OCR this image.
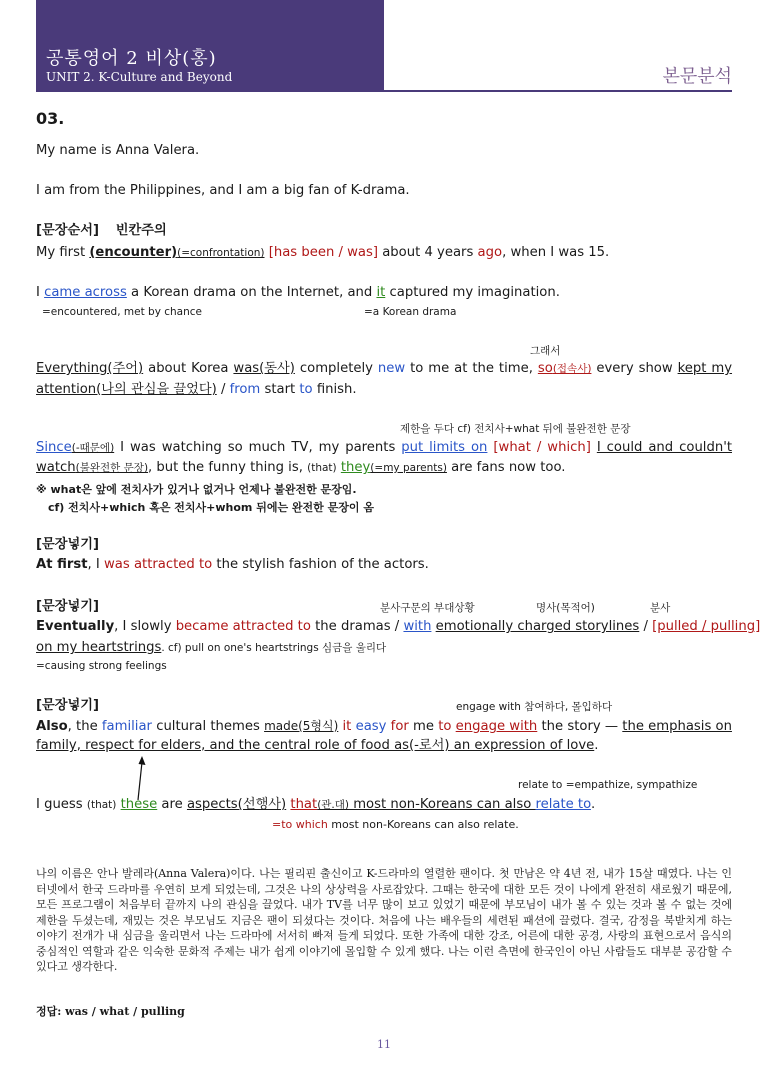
공통영어 2 비상(홍)
UNIT 2. K-Culture and Beyond	본문분석
03.
My name is Anna Valera.
I am from the Philippines, and I am a big fan of K-drama.
[문장순서] 빈칸주의
My first (encounter)(=confrontation) [has been / was] about 4 years ago, when I was 15.
I came across a Korean drama on the Internet, and it captured my imagination.
=encountered, met by chance	=a Korean drama
그래서
Everything(주어) about Korea was(동사) completely new to me at the time, so(접속사) every show kept my
attention(나의 관심을 끌었다) / from start to finish.
제한을 두다 cf) 전치사+what 뒤에 불완전한 문장
Since(-때문에) I was watching so much TV, my parents put limits on [what / which] I could and couldn't
watch(불완전한 문장), but the funny thing is, (that) they(=my parents) are fans now too.
※ what은 앞에 전치사가 있거나 없거나 언제나 불완전한 문장임.
cf) 전치사+which 혹은 전치사+whom 뒤에는 완전한 문장이 옴
[문장넣기]
At first, I was attracted to the stylish fashion of the actors.
[문장넣기]	분사구문의 부대상황	명사(목적어)	분사
Eventually, I slowly became attracted to the dramas / with emotionally charged storylines / [pulled / pulling]
on my heartstrings. cf) pull on one's heartstrings 심금을 울리다
=causing strong feelings
[문장넣기]	engage with 참여하다, 몰입하다
Also, the familiar cultural themes made(5형식) it easy for me to engage with the story — the emphasis on
family, respect for elders, and the central role of food as(-로서) an expression of love.
relate to =empathize, sympathize
I guess (that) these are aspects(선행사) that(관.대) most non-Koreans can also relate to.
=to which most non-Koreans can also relate.
나의 이름은 안나 발레라(Anna Valera)이다. 나는 필리핀 출신이고 K-드라마의 열렬한 팬이다. 첫 만남은 약 4년 전, 내가 15살 때였다. 나는 인터넷에서 한국 드라마를 우연히 보게 되었는데, 그것은 나의 상상력을 사로잡았다. 그때는 한국에 대한 모든 것이 나에게 완전히 새로웠기 때문에, 모든 프로그램이 처음부터 끝까지 나의 관심을 끌었다. 내가 TV를 너무 많이 보고 있었기 때문에 부모님이 내가 볼 수 있는 것과 볼 수 없는 것에 제한을 두셨는데, 재밌는 것은 부모님도 지금은 팬이 되셨다는 것이다. 처음에 나는 배우들의 세련된 패션에 끌렸다. 결국, 감정을 북받치게 하는 이야기 전개가 내 심금을 울리면서 나는 드라마에 서서히 빠져 들게 되었다. 또한 가족에 대한 강조, 어른에 대한 공경, 사랑의 표현으로서 음식의 중심적인 역할과 같은 익숙한 문화적 주제는 내가 쉽게 이야기에 몰입할 수 있게 했다. 나는 이런 측면에 한국인이 아닌 사람들도 대부분 공감할 수 있다고 생각한다.
정답: was / what / pulling
11
